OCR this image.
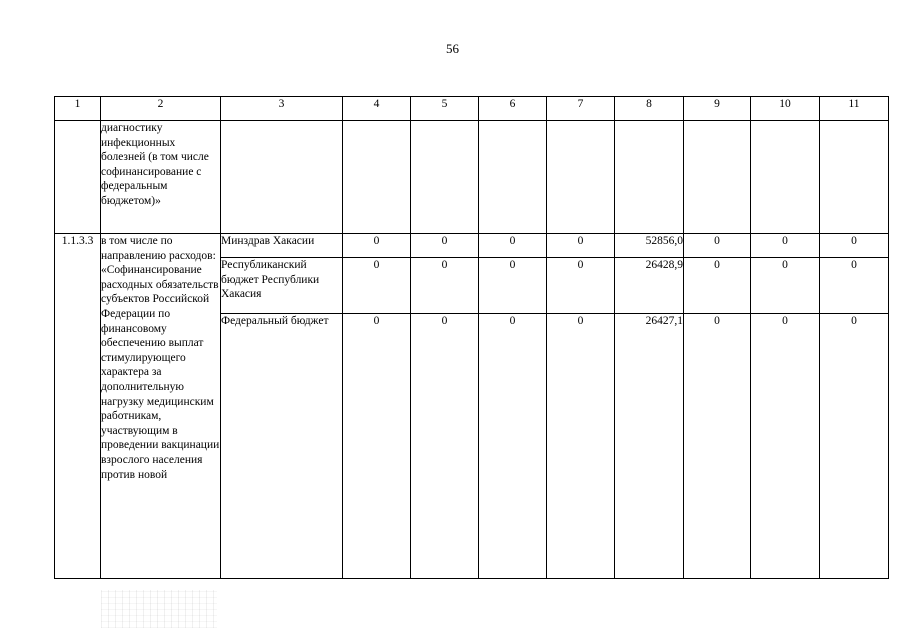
56
1	2	3	4	5	6	7	8	9	10	11
	диагностику инфекционных болезней (в том числе софинансирование с федеральным бюджетом)»									
1.1.3.3	в том числе по направлению расходов: «Софинансирование расходных обязательств субъектов Российской Федерации по финансовому обеспечению выплат стимулирующего характера за дополнительную нагрузку медицинским работникам, участвующим в проведении вакцинации взрослого населения против новой	Минздрав Хакасии	0	0	0	0	52856,0	0	0	0
		Республиканский бюджет Республики Хакасия	0	0	0	0	26428,9	0	0	0
		Федеральный бюджет	0	0	0	0	26427,1	0	0	0
